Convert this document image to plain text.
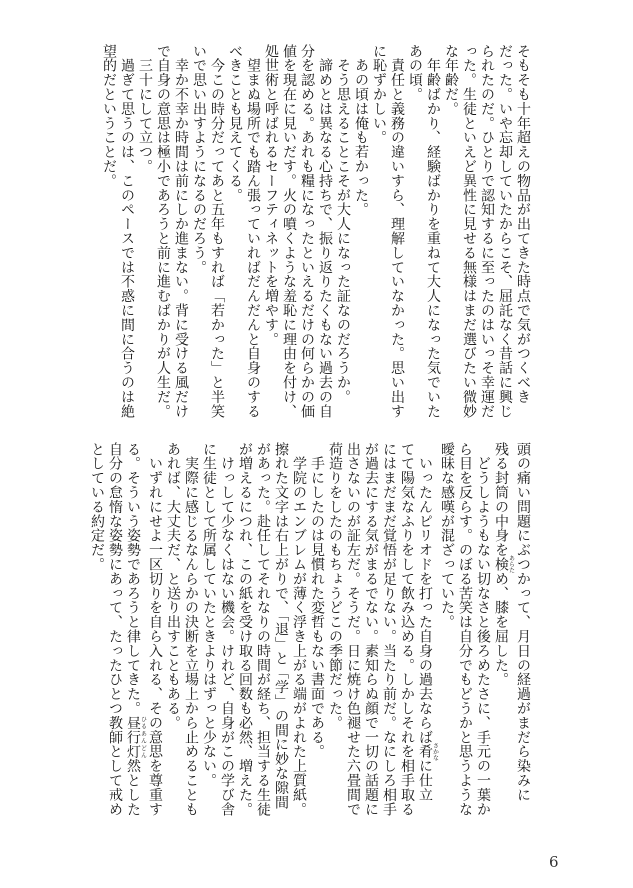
そもそも十年超えの物品が出てきた時点で気がつくべき
だった。いや忘却していたからこそ、屈託なく昔話に興じ
られたのだ。ひとりで認知するに至ったのはいっそ幸運だ
った。生徒といえど異性に見せる無様はまだ選びたい微妙
な年齢だ。
　年齢ばかり、経験ばかりを重ねて大人になった気でいた
あの頃。
　責任と義務の違いすら、理解していなかった。思い出す
に恥ずかしい。
　あの頃は俺も若かった。
　そう思えることこそが大人になった証なのだろうか。
　諦めとは異なる心持ちで、振り返りたくもない過去の自
分を認める。あれも糧になったといえるだけの何らかの価
値を現在に見いだす。火の噴くような羞恥に理由を付け、
処世術と呼ばれるセーフティネットを増やす。
　望まぬ場所でも踏ん張っていればだんだんと自身のする
べきことも見えてくる。
　今この時分だってあと五年もすれば「若かった」と半笑
いで思い出すようになるのだろう。
　幸か不幸か時間は前にしか進まない。背に受ける風だけ
で自身の意思は極小であろうと前に進むばかりが人生だ。
　三十にして立つ。
　過ぎて思うのは、このペースでは不惑に間に合うのは絶
望的だということだ。
頭の痛い問題にぶつかって、月日の経過がまだら染みに
残る封筒の中身を検あらため、膝を屈した。
　どうしようもない切なさと後ろめたさに、手元の一葉か
ら目を反らす。のぼる苦笑は自分でもどうかと思うような
曖昧な感嘆が混ざっていた。
　いったんピリオドを打った自身の過去ならば肴さかなに仕立
てて陽気なふりをして飲み込める。しかしそれを相手取る
にはまだまだ覚悟が足りない。当たり前だ。なにしろ相手
が過去にする気がまるでない。素知らぬ顔で一切の話題に
出さないのが証左だ。そうだ。日に焼け色褪せた六畳間で
荷造りをしたのもちょうどこの季節だった。
　手にしたのは見慣れた変哲もない書面である。
　学院のエンブレムが薄く浮き上がる端がよれた上質紙。
擦れた文字は右上がりで、「退」と「学」の間に妙な隙間
があった。赴任してそれなりの時間が経ち、担当する生徒
が増えるにつれ、この紙を受け取る回数も必然、増えた。
　けっして少なくはない機会。けれど、自身がこの学び舎
に生徒として所属していたときよりはずっと少ない。
　実際に感じるなんらかの決断を立場上から止めることも
あれば、大丈夫だ、と送り出すこともある。
　いずれにせよ一区切りを自ら入れる、その意思を尊重す
る。そういう姿勢であろうと律してきた。昼行灯ひるあんどん然とした
自分の怠惰な姿勢にあって、たったひとつ教師として戒め
としている約定だ。
6
